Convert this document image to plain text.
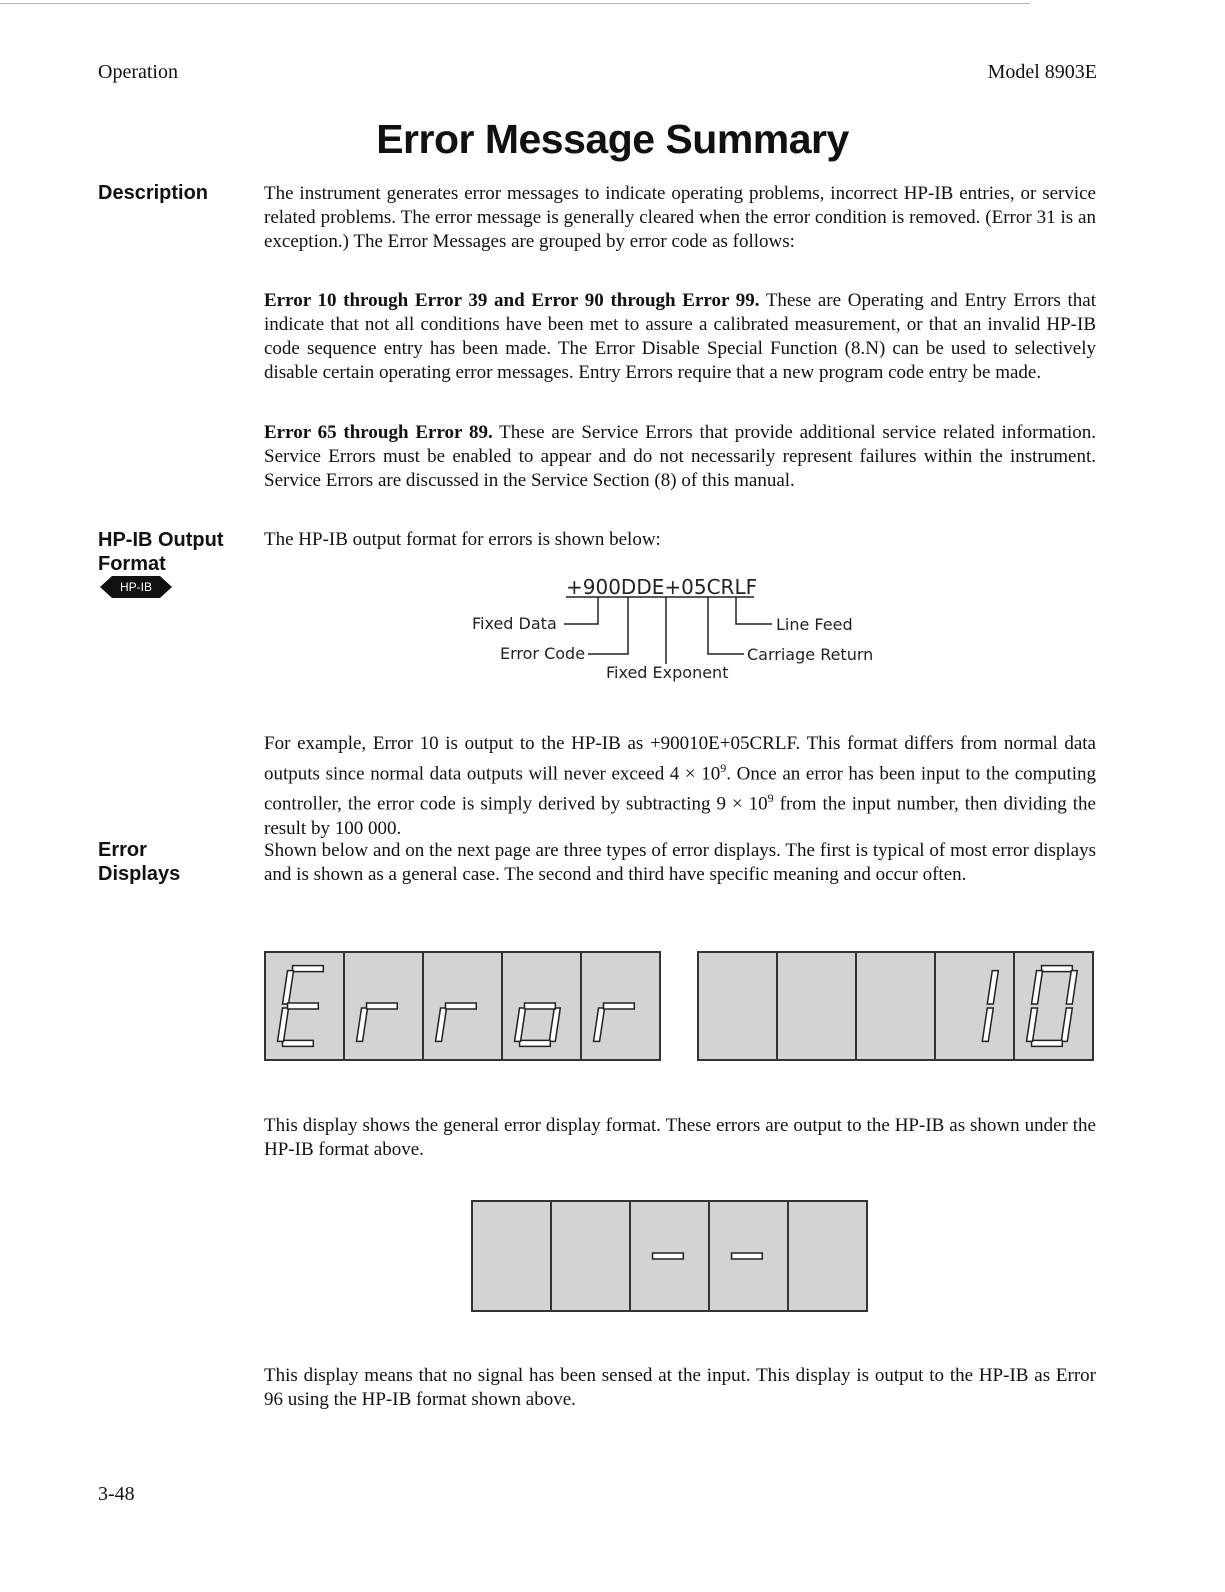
Operation	Model 8903E
Error Message Summary
Description	The instrument generates error messages to indicate operating problems, incorrect HP-IB entries, or service related problems. The error message is generally cleared when the error condition is removed. (Error 31 is an exception.) The Error Messages are grouped by error code as follows:

Error 10 through Error 39 and Error 90 through Error 99. These are Operating and Entry Errors that indicate that not all conditions have been met to assure a calibrated measurement, or that an invalid HP-IB code sequence entry has been made. The Error Disable Special Function (8.N) can be used to selectively disable certain operating error messages. Entry Errors require that a new program code entry be made.

Error 65 through Error 89. These are Service Errors that provide additional service related information. Service Errors must be enabled to appear and do not necessarily represent failures within the instrument. Service Errors are discussed in the Service Section (8) of this manual.

HP-IB Output
Format
HP-IB

The HP-IB output format for errors is shown below:

+900DDE+05CRLF
Fixed Data
Error Code
Fixed Exponent
Line Feed
Carriage Return

For example, Error 10 is output to the HP-IB as +90010E+05CRLF. This format differs from normal data outputs since normal data outputs will never exceed $4 \times 10^9$. Once an error has been input to the computing controller, the error code is simply derived by subtracting $9 \times 10^9$ from the input number, then dividing the result by 100 000.

Error
Displays

Shown below and on the next page are three types of error displays. The first is typical of most error displays and is shown as a general case. The second and third have specific meaning and occur often.

This display shows the general error display format. These errors are output to the HP-IB as shown under the HP-IB format above.

This display means that no signal has been sensed at the input. This display is output to the HP-IB as Error 96 using the HP-IB format shown above.

3-48
